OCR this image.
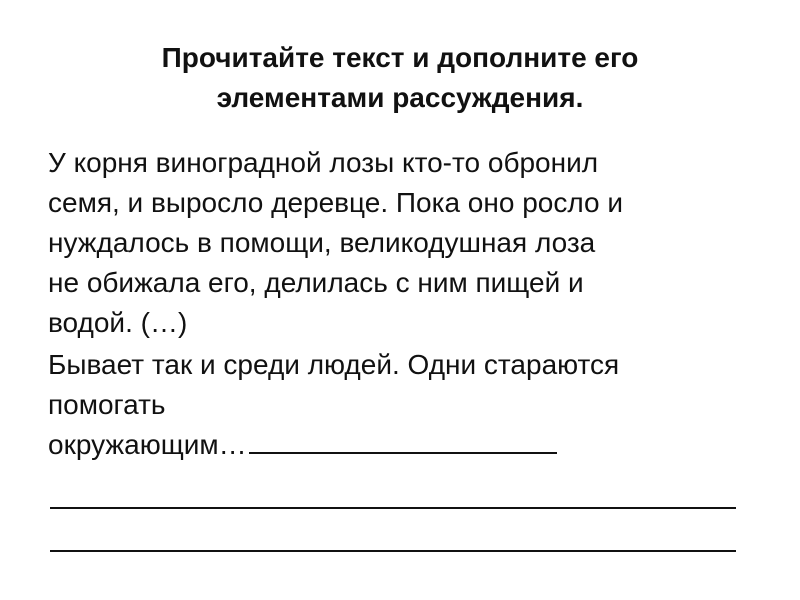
Прочитайте текст и дополните его
элементами рассуждения.
У корня виноградной лозы кто-то обронил
семя, и выросло деревце. Пока оно росло и
нуждалось в помощи, великодушная лоза
не обижала его, делилась с ним пищей и
водой. (…)
Бывает так и среди людей. Одни стараются
помогать
окружающим…
